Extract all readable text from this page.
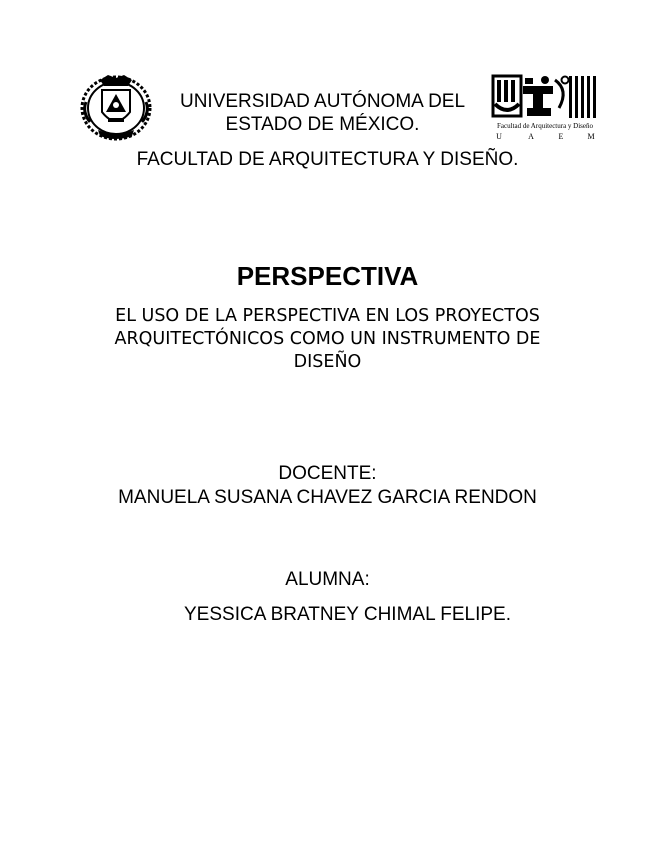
Facultad de Arquitectura y Diseño
U	A	E	M
UNIVERSIDAD AUTÓNOMA DEL
ESTADO DE MÉXICO.
FACULTAD DE ARQUITECTURA Y DISEÑO.
PERSPECTIVA
EL USO DE LA PERSPECTIVA EN LOS PROYECTOS ARQUITECTÓNICOS COMO UN INSTRUMENTO DE DISEÑO
DOCENTE:
MANUELA SUSANA CHAVEZ GARCIA RENDON
ALUMNA:
YESSICA BRATNEY CHIMAL FELIPE.
